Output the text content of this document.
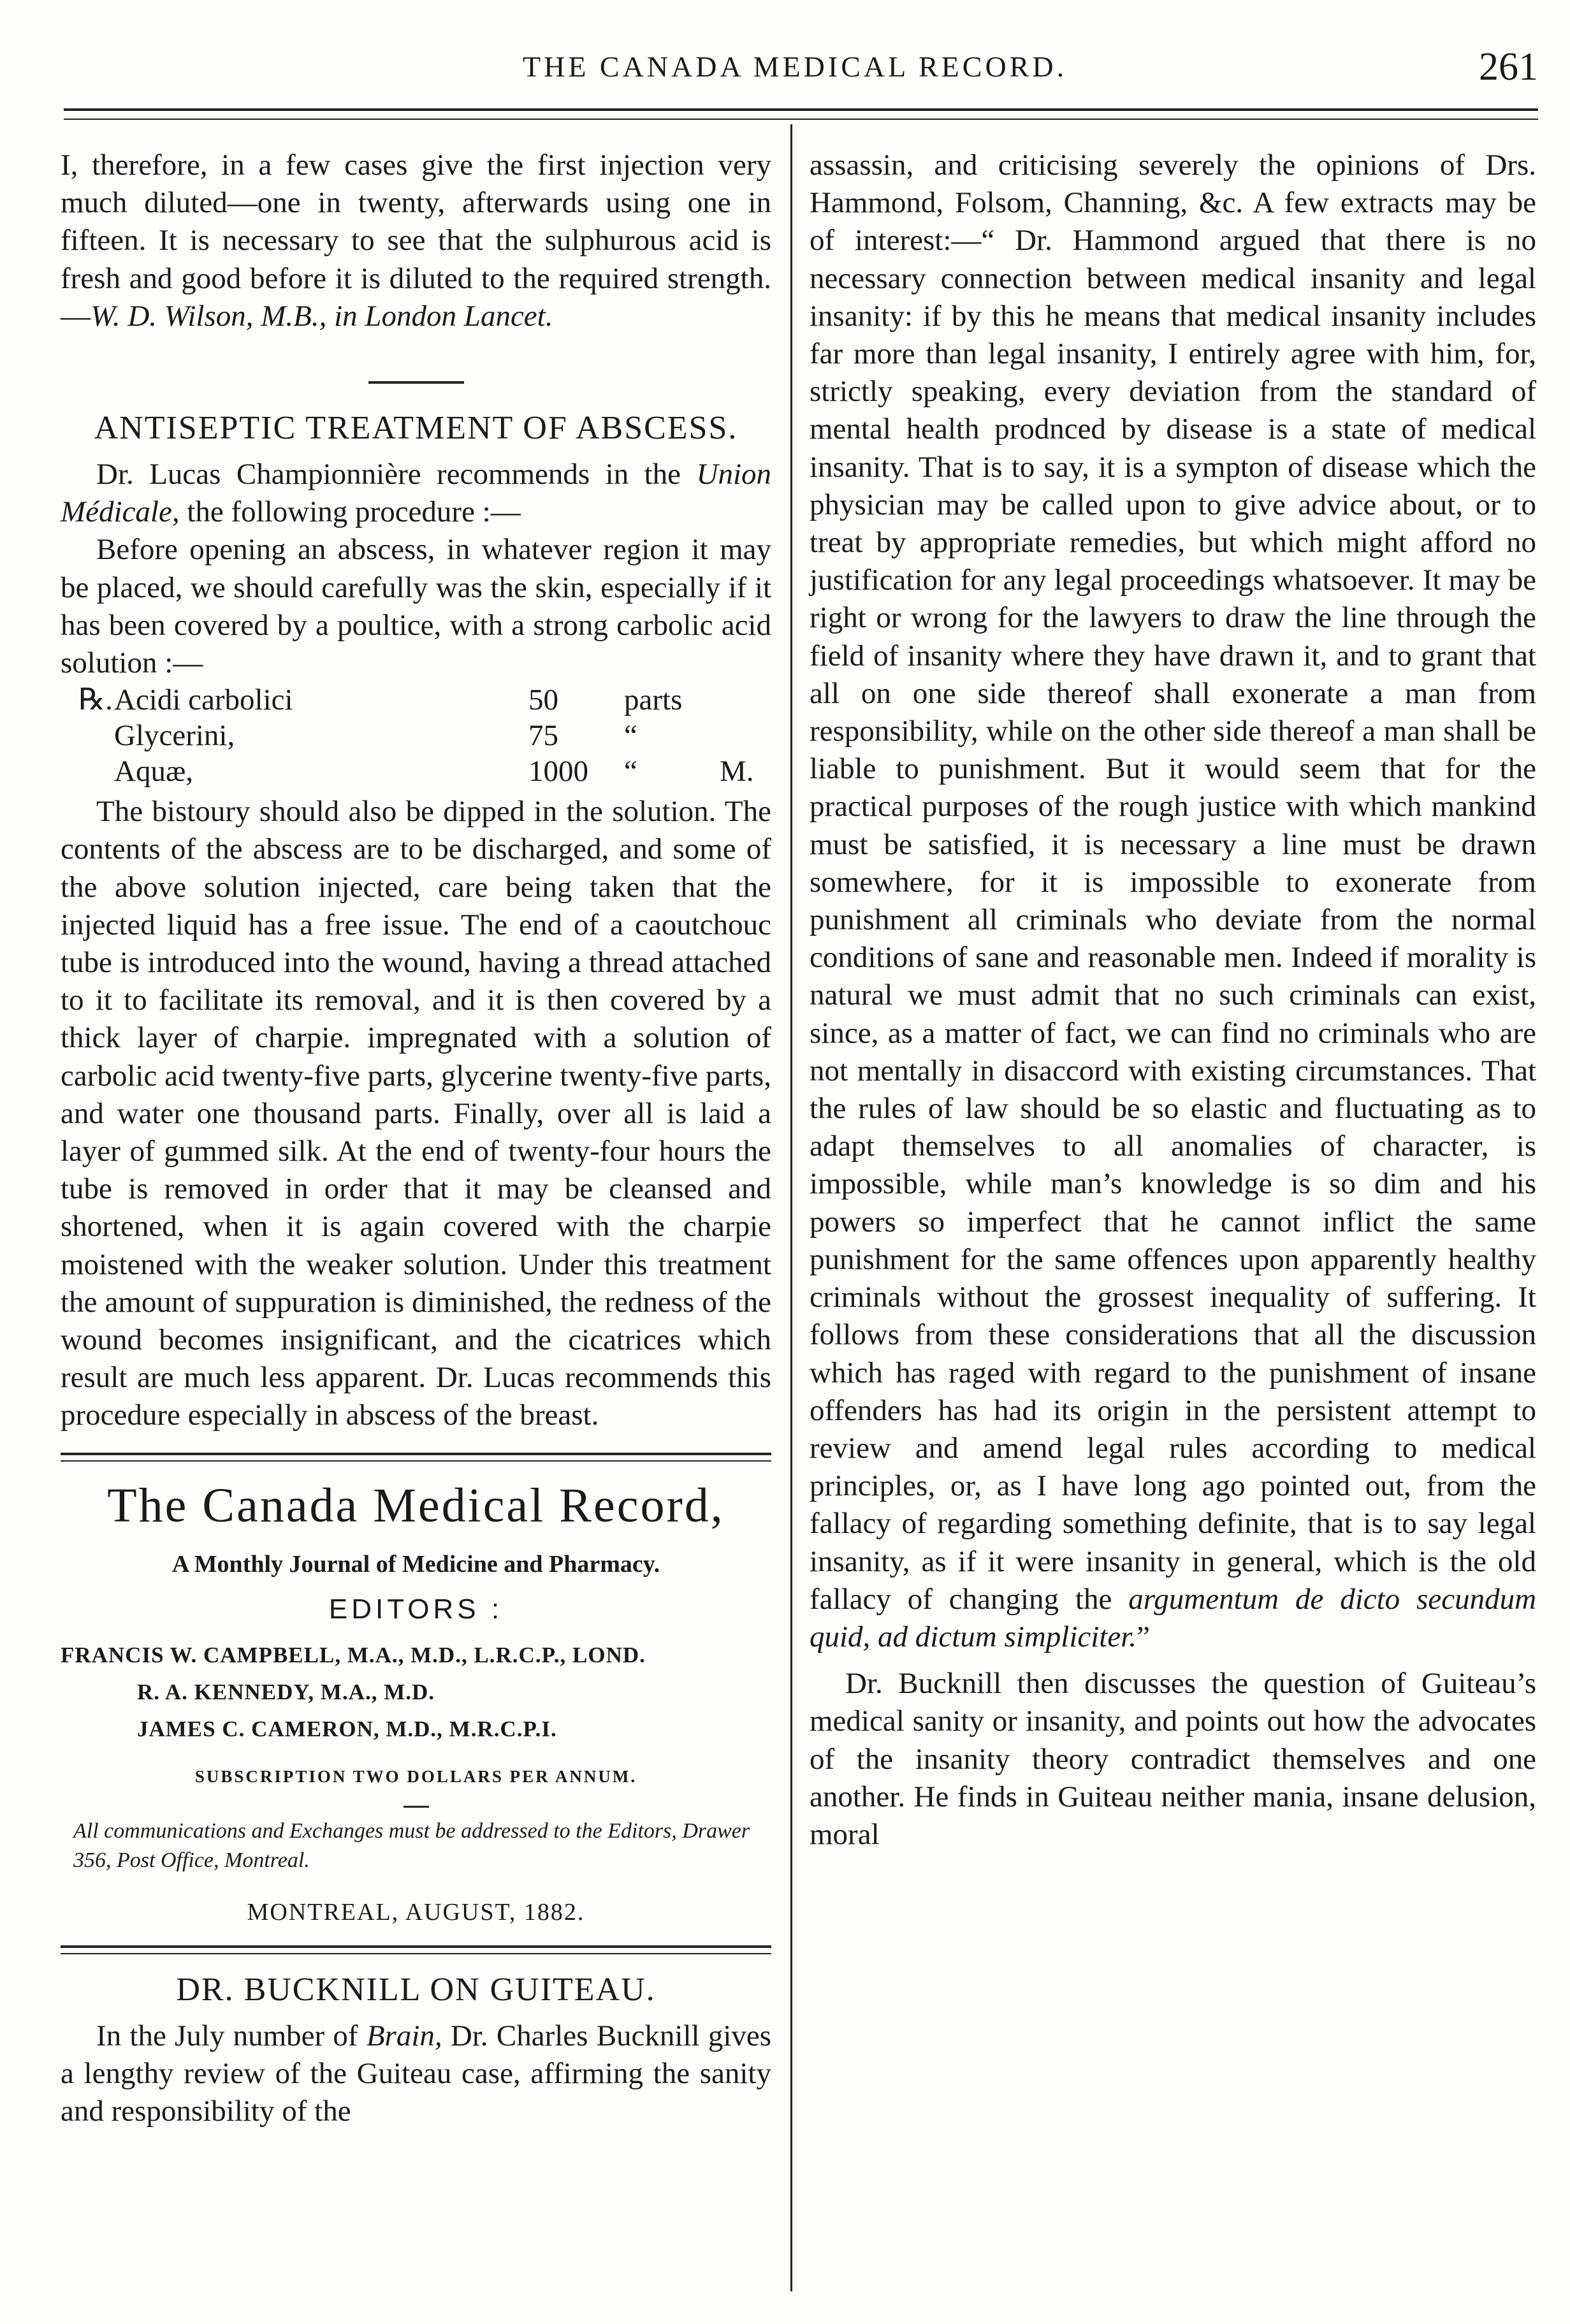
THE CANADA MEDICAL RECORD.	261

I, therefore, in a few cases give the first injection very much diluted—one in twenty, afterwards using one in fifteen. It is necessary to see that the sulphurous acid is fresh and good before it is diluted to the required strength.—W. D. Wilson, M.B., in London Lancet.

ANTISEPTIC TREATMENT OF ABSCESS.

Dr. Lucas Championnière recommends in the Union Médicale, the following procedure :—

Before opening an abscess, in whatever region it may be placed, we should carefully was the skin, especially if it has been covered by a poultice, with a strong carbolic acid solution :—

℞.	Acidi carbolici	50	parts	
	Glycerini,	75	“	
	Aquæ,	1000	“	M.

The bistoury should also be dipped in the solution. The contents of the abscess are to be discharged, and some of the above solution injected, care being taken that the injected liquid has a free issue. The end of a caoutchouc tube is introduced into the wound, having a thread attached to it to facilitate its removal, and it is then covered by a thick layer of charpie. impregnated with a solution of carbolic acid twenty-five parts, glycerine twenty-five parts, and water one thousand parts. Finally, over all is laid a layer of gummed silk. At the end of twenty-four hours the tube is removed in order that it may be cleansed and shortened, when it is again covered with the charpie moistened with the weaker solution. Under this treatment the amount of suppuration is diminished, the redness of the wound becomes insignificant, and the cicatrices which result are much less apparent. Dr. Lucas recommends this procedure especially in abscess of the breast.

The Canada Medical Record,
A Monthly Journal of Medicine and Pharmacy.
EDITORS :
FRANCIS W. CAMPBELL, M.A., M.D., L.R.C.P., LOND.
R. A. KENNEDY, M.A., M.D.
JAMES C. CAMERON, M.D., M.R.C.P.I.
SUBSCRIPTION TWO DOLLARS PER ANNUM.
All communications and Exchanges must be addressed to the Editors, Drawer 356, Post Office, Montreal.
MONTREAL, AUGUST, 1882.
DR. BUCKNILL ON GUITEAU.

In the July number of Brain, Dr. Charles Bucknill gives a lengthy review of the Guiteau case, affirming the sanity and responsibility of the

assassin, and criticising severely the opinions of Drs. Hammond, Folsom, Channing, &c. A few extracts may be of interest:—“ Dr. Hammond argued that there is no necessary connection between medical insanity and legal insanity: if by this he means that medical insanity includes far more than legal insanity, I entirely agree with him, for, strictly speaking, every deviation from the standard of mental health prodnced by disease is a state of medical insanity. That is to say, it is a sympton of disease which the physician may be called upon to give advice about, or to treat by appropriate remedies, but which might afford no justification for any legal proceedings whatsoever. It may be right or wrong for the lawyers to draw the line through the field of insanity where they have drawn it, and to grant that all on one side thereof shall exonerate a man from responsibility, while on the other side thereof a man shall be liable to punishment. But it would seem that for the practical purposes of the rough justice with which mankind must be satisfied, it is necessary a line must be drawn somewhere, for it is impossible to exonerate from punishment all criminals who deviate from the normal conditions of sane and reasonable men. Indeed if morality is natural we must admit that no such criminals can exist, since, as a matter of fact, we can find no criminals who are not mentally in disaccord with existing circumstances. That the rules of law should be so elastic and fluctuating as to adapt themselves to all anomalies of character, is impossible, while man’s knowledge is so dim and his powers so imperfect that he cannot inflict the same punishment for the same offences upon apparently healthy criminals without the grossest inequality of suffering. It follows from these considerations that all the discussion which has raged with regard to the punishment of insane offenders has had its origin in the persistent attempt to review and amend legal rules according to medical principles, or, as I have long ago pointed out, from the fallacy of regarding something definite, that is to say legal insanity, as if it were insanity in general, which is the old fallacy of changing the argumentum de dicto secundum quid, ad dictum simpliciter.”

Dr. Bucknill then discusses the question of Guiteau’s medical sanity or insanity, and points out how the advocates of the insanity theory contradict themselves and one another. He finds in Guiteau neither mania, insane delusion, moral
